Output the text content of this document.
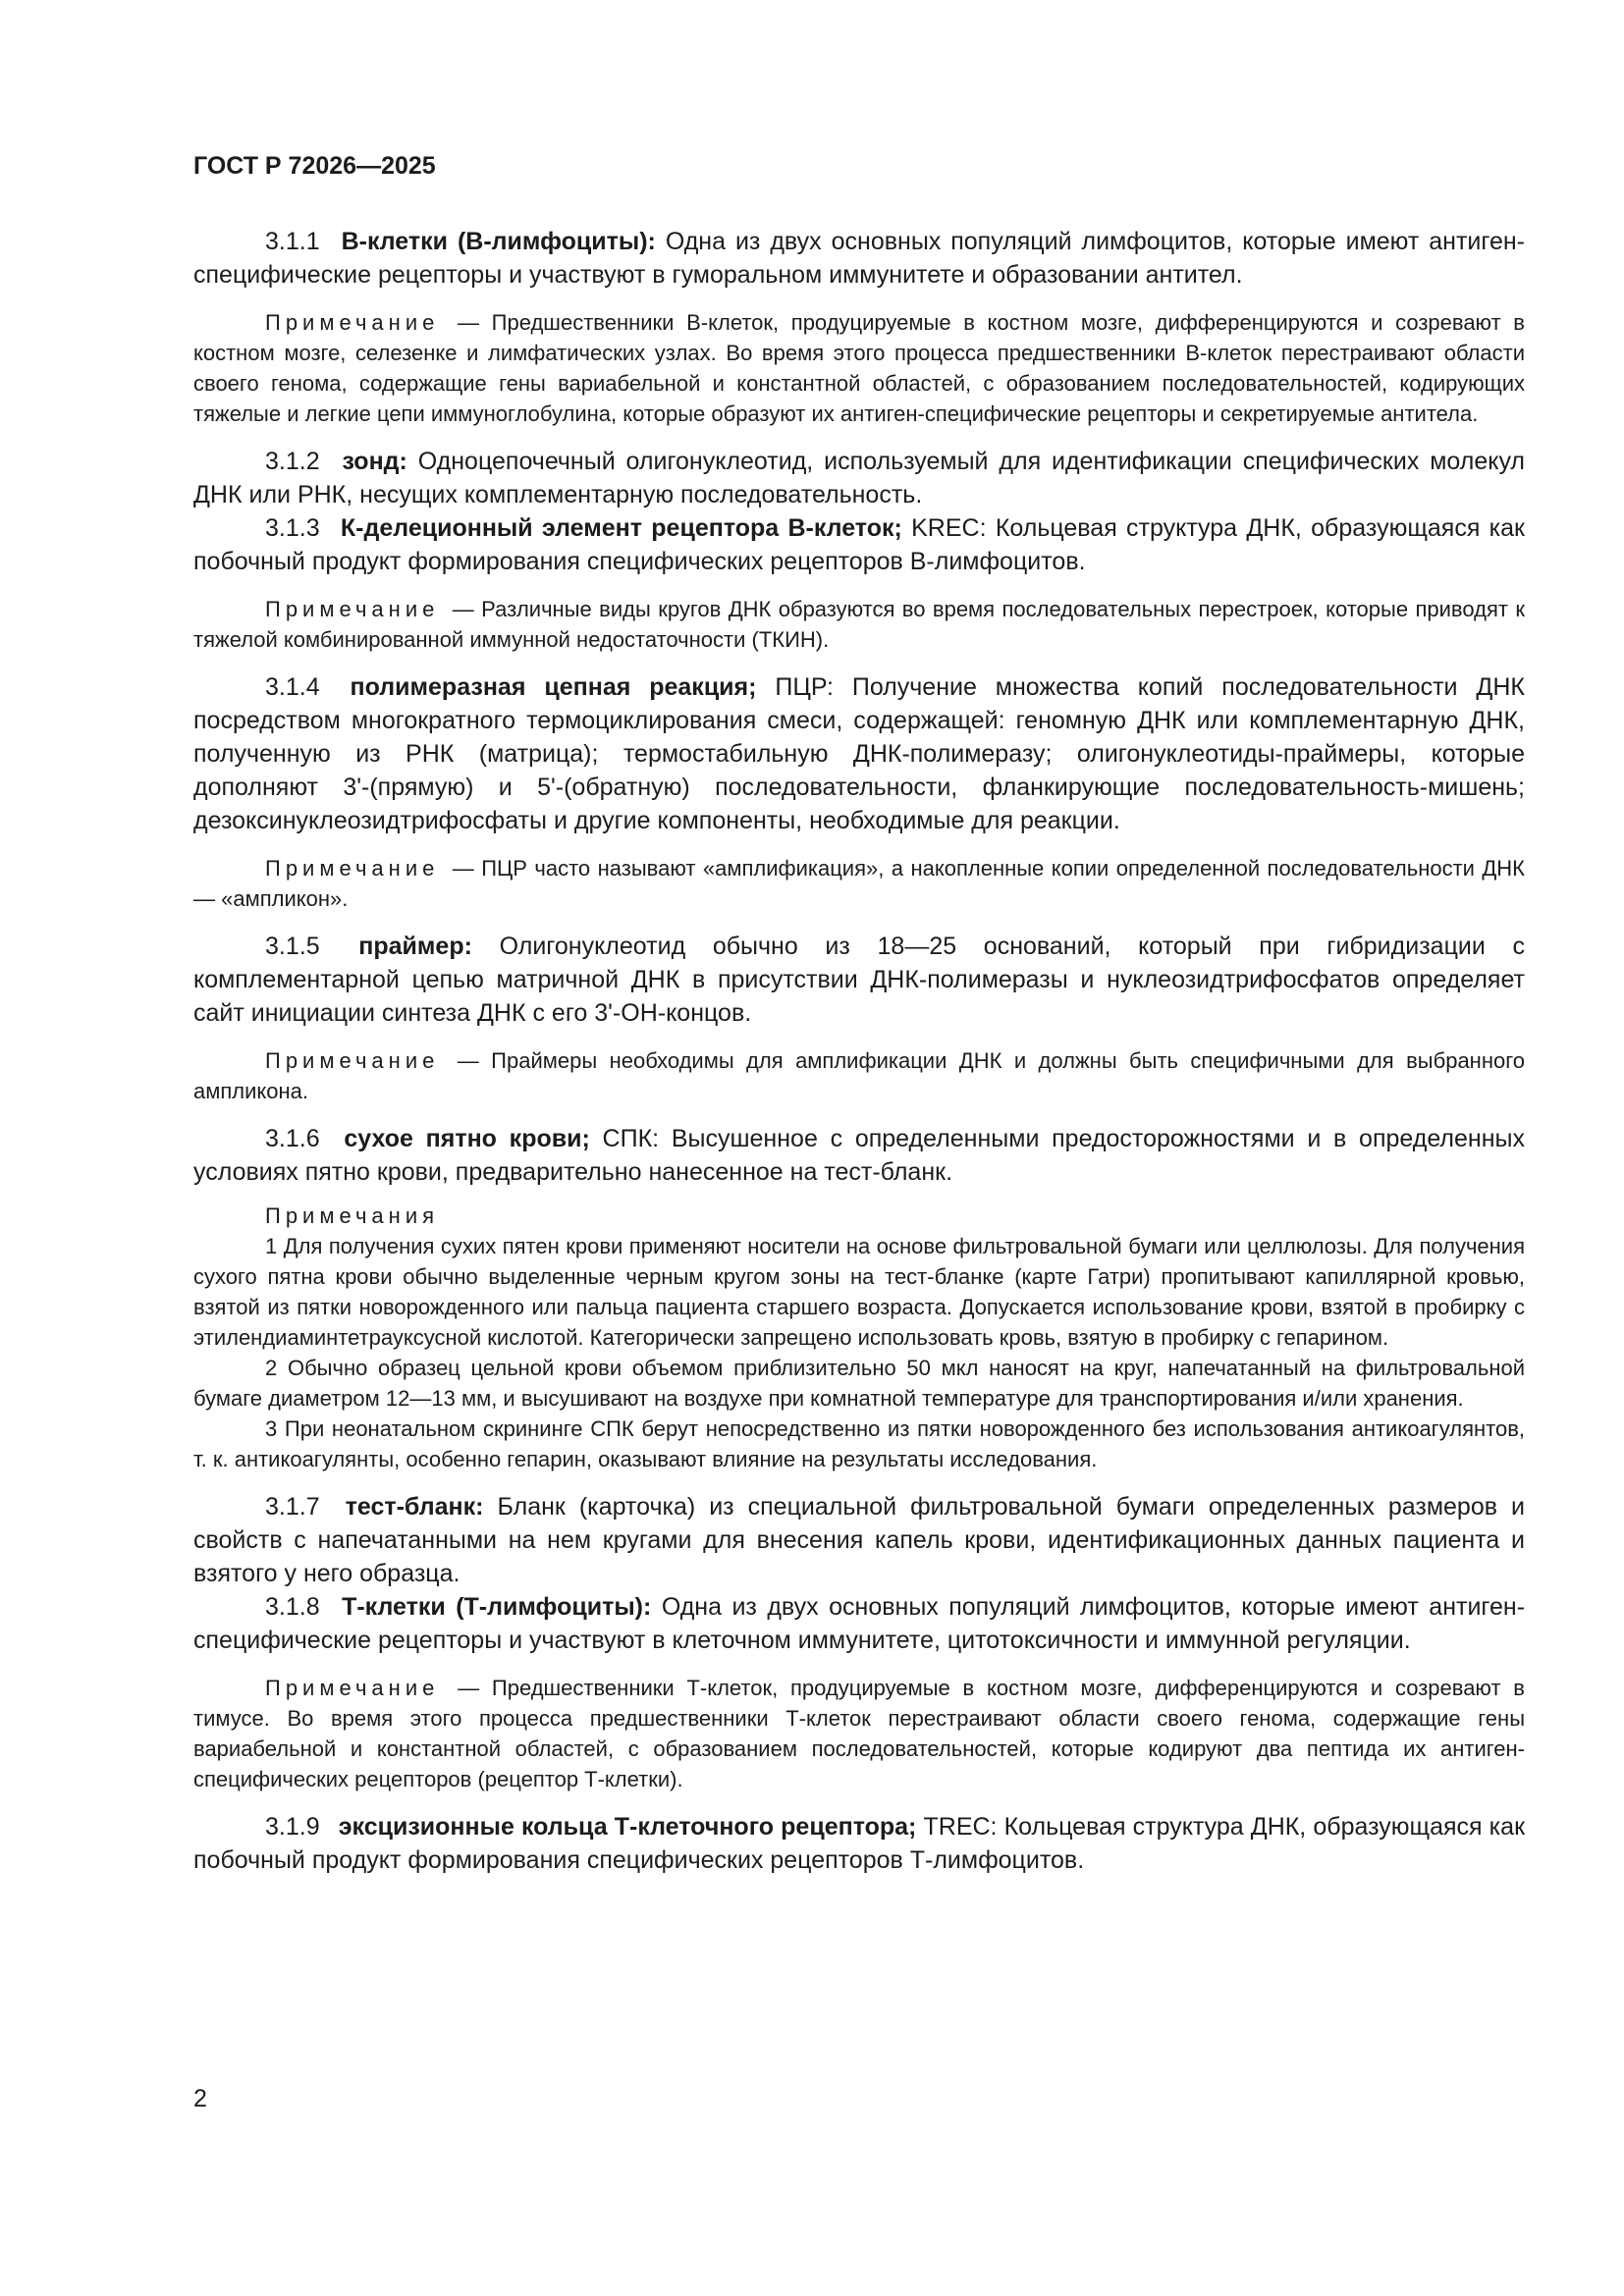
ГОСТ Р 72026—2025

3.1.1 В-клетки (В-лимфоциты): Одна из двух основных популяций лимфоцитов, которые имеют антиген-специфические рецепторы и участвуют в гуморальном иммунитете и образовании антител.

Примечание — Предшественники В-клеток, продуцируемые в костном мозге, дифференцируются и созревают в костном мозге, селезенке и лимфатических узлах. Во время этого процесса предшественники В-клеток перестраивают области своего генома, содержащие гены вариабельной и константной областей, с образованием последовательностей, кодирующих тяжелые и легкие цепи иммуноглобулина, которые образуют их антиген-специфические рецепторы и секретируемые антитела.

3.1.2 зонд: Одноцепочечный олигонуклеотид, используемый для идентификации специфических молекул ДНК или РНК, несущих комплементарную последовательность.

3.1.3 К-делеционный элемент рецептора В-клеток; KREC: Кольцевая структура ДНК, образующаяся как побочный продукт формирования специфических рецепторов В-лимфоцитов.

Примечание — Различные виды кругов ДНК образуются во время последовательных перестроек, которые приводят к тяжелой комбинированной иммунной недостаточности (ТКИН).

3.1.4 полимеразная цепная реакция; ПЦР: Получение множества копий последовательности ДНК посредством многократного термоциклирования смеси, содержащей: геномную ДНК или комплементарную ДНК, полученную из РНК (матрица); термостабильную ДНК-полимеразу; олигонуклеотиды-праймеры, которые дополняют 3'-(прямую) и 5'-(обратную) последовательности, фланкирующие последовательность-мишень; дезоксинуклеозидтрифосфаты и другие компоненты, необходимые для реакции.

Примечание — ПЦР часто называют «амплификация», а накопленные копии определенной последовательности ДНК — «ампликон».

3.1.5 праймер: Олигонуклеотид обычно из 18—25 оснований, который при гибридизации с комплементарной цепью матричной ДНК в присутствии ДНК-полимеразы и нуклеозидтрифосфатов определяет сайт инициации синтеза ДНК с его 3'-ОН-концов.

Примечание — Праймеры необходимы для амплификации ДНК и должны быть специфичными для выбранного ампликона.

3.1.6 сухое пятно крови; СПК: Высушенное с определенными предосторожностями и в определенных условиях пятно крови, предварительно нанесенное на тест-бланк.

Примечания

1 Для получения сухих пятен крови применяют носители на основе фильтровальной бумаги или целлюлозы. Для получения сухого пятна крови обычно выделенные черным кругом зоны на тест-бланке (карте Гатри) пропитывают капиллярной кровью, взятой из пятки новорожденного или пальца пациента старшего возраста. Допускается использование крови, взятой в пробирку с этилендиаминтетрауксусной кислотой. Категорически запрещено использовать кровь, взятую в пробирку с гепарином.

2 Обычно образец цельной крови объемом приблизительно 50 мкл наносят на круг, напечатанный на фильтровальной бумаге диаметром 12—13 мм, и высушивают на воздухе при комнатной температуре для транспортирования и/или хранения.

3 При неонатальном скрининге СПК берут непосредственно из пятки новорожденного без использования антикоагулянтов, т. к. антикоагулянты, особенно гепарин, оказывают влияние на результаты исследования.

3.1.7 тест-бланк: Бланк (карточка) из специальной фильтровальной бумаги определенных размеров и свойств с напечатанными на нем кругами для внесения капель крови, идентификационных данных пациента и взятого у него образца.

3.1.8 Т-клетки (Т-лимфоциты): Одна из двух основных популяций лимфоцитов, которые имеют антиген-специфические рецепторы и участвуют в клеточном иммунитете, цитотоксичности и иммунной регуляции.

Примечание — Предшественники Т-клеток, продуцируемые в костном мозге, дифференцируются и созревают в тимусе. Во время этого процесса предшественники Т-клеток перестраивают области своего генома, содержащие гены вариабельной и константной областей, с образованием последовательностей, которые кодируют два пептида их антиген-специфических рецепторов (рецептор Т-клетки).

3.1.9 эксцизионные кольца Т-клеточного рецептора; TREC: Кольцевая структура ДНК, образующаяся как побочный продукт формирования специфических рецепторов Т-лимфоцитов.

2
